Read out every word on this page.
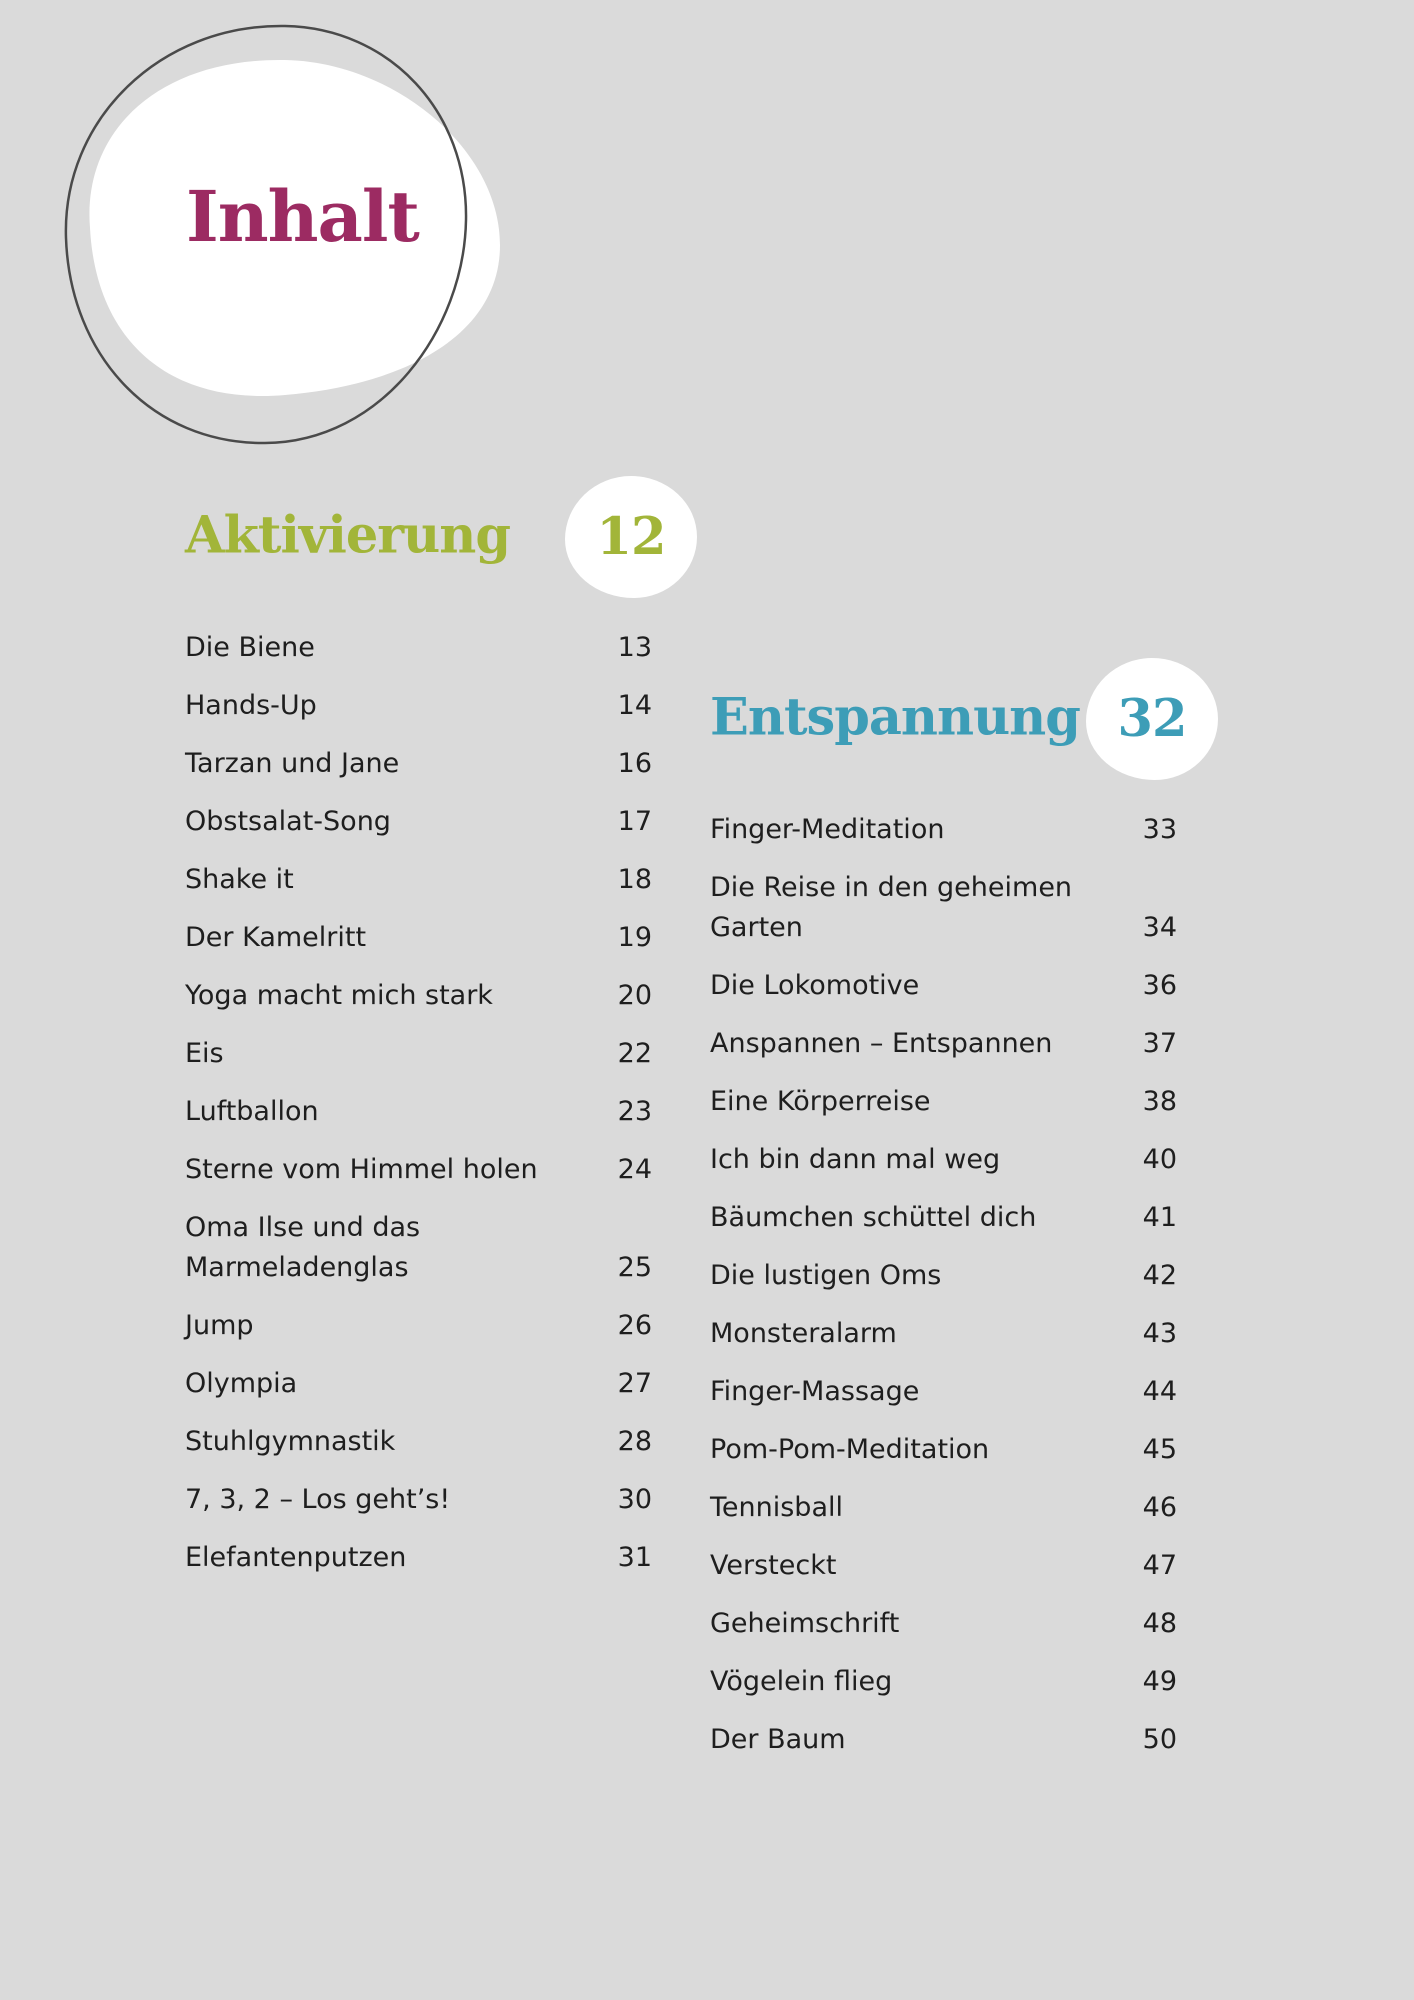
Inhalt
Aktivierung 12
Die Biene	13
Hands-Up	14
Tarzan und Jane	16
Obstsalat-Song	17
Shake it	18
Der Kamelritt	19
Yoga macht mich stark	20
Eis	22
Luftballon	23
Sterne vom Himmel holen	24
Oma Ilse und das Marmeladenglas	25
Jump	26
Olympia	27
Stuhlgymnastik	28
7, 3, 2 – Los geht’s!	30
Elefantenputzen	31
Entspannung 32
Finger-Meditation	33
Die Reise in den geheimen Garten	34
Die Lokomotive	36
Anspannen – Entspannen	37
Eine Körperreise	38
Ich bin dann mal weg	40
Bäumchen schüttel dich	41
Die lustigen Oms	42
Monsteralarm	43
Finger-Massage	44
Pom-Pom-Meditation	45
Tennisball	46
Versteckt	47
Geheimschrift	48
Vögelein flieg	49
Der Baum	50
